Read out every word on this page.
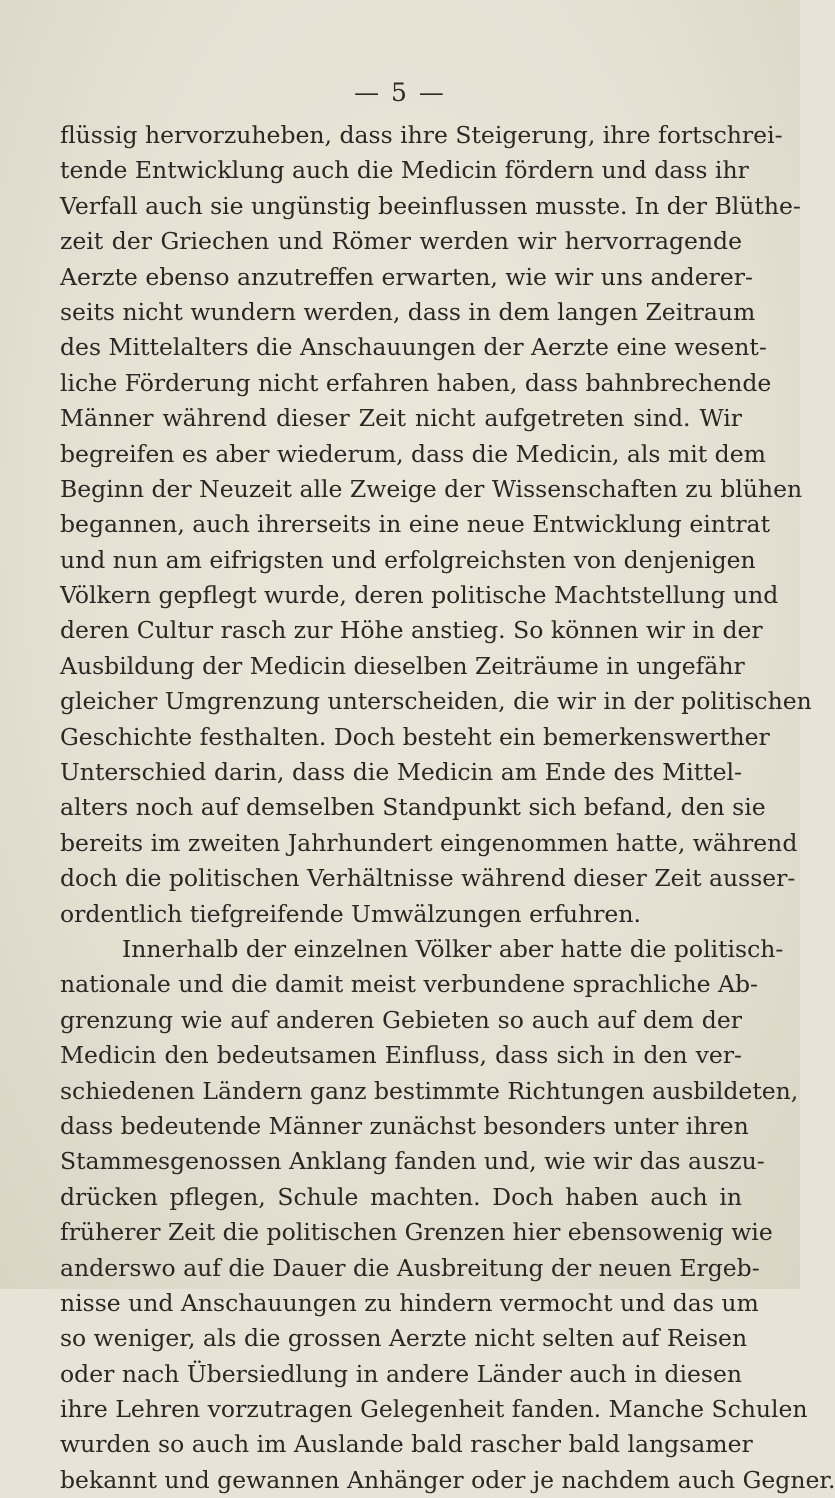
— 5 —
flüssig hervorzuheben, dass ihre Steigerung, ihre fortschrei-
tende Entwicklung auch die Medicin fördern und dass ihr
Verfall auch sie ungünstig beeinflussen musste. In der Blüthe-
zeit der Griechen und Römer werden wir hervorragende
Aerzte ebenso anzutreffen erwarten, wie wir uns anderer-
seits nicht wundern werden, dass in dem langen Zeitraum
des Mittelalters die Anschauungen der Aerzte eine wesent-
liche Förderung nicht erfahren haben, dass bahnbrechende
Männer während dieser Zeit nicht aufgetreten sind. Wir
begreifen es aber wiederum, dass die Medicin, als mit dem
Beginn der Neuzeit alle Zweige der Wissenschaften zu blühen
begannen, auch ihrerseits in eine neue Entwicklung eintrat
und nun am eifrigsten und erfolgreichsten von denjenigen
Völkern gepflegt wurde, deren politische Machtstellung und
deren Cultur rasch zur Höhe anstieg. So können wir in der
Ausbildung der Medicin dieselben Zeiträume in ungefähr
gleicher Umgrenzung unterscheiden, die wir in der politischen
Geschichte festhalten. Doch besteht ein bemerkenswerther
Unterschied darin, dass die Medicin am Ende des Mittel-
alters noch auf demselben Standpunkt sich befand, den sie
bereits im zweiten Jahrhundert eingenommen hatte, während
doch die politischen Verhältnisse während dieser Zeit ausser-
ordentlich tiefgreifende Umwälzungen erfuhren.
Innerhalb der einzelnen Völker aber hatte die politisch-
nationale und die damit meist verbundene sprachliche Ab-
grenzung wie auf anderen Gebieten so auch auf dem der
Medicin den bedeutsamen Einfluss, dass sich in den ver-
schiedenen Ländern ganz bestimmte Richtungen ausbildeten,
dass bedeutende Männer zunächst besonders unter ihren
Stammesgenossen Anklang fanden und, wie wir das auszu-
drücken pflegen, Schule machten. Doch haben auch in
früherer Zeit die politischen Grenzen hier ebensowenig wie
anderswo auf die Dauer die Ausbreitung der neuen Ergeb-
nisse und Anschauungen zu hindern vermocht und das um
so weniger, als die grossen Aerzte nicht selten auf Reisen
oder nach Übersiedlung in andere Länder auch in diesen
ihre Lehren vorzutragen Gelegenheit fanden. Manche Schulen
wurden so auch im Auslande bald rascher bald langsamer
bekannt und gewannen Anhänger oder je nachdem auch Gegner.
